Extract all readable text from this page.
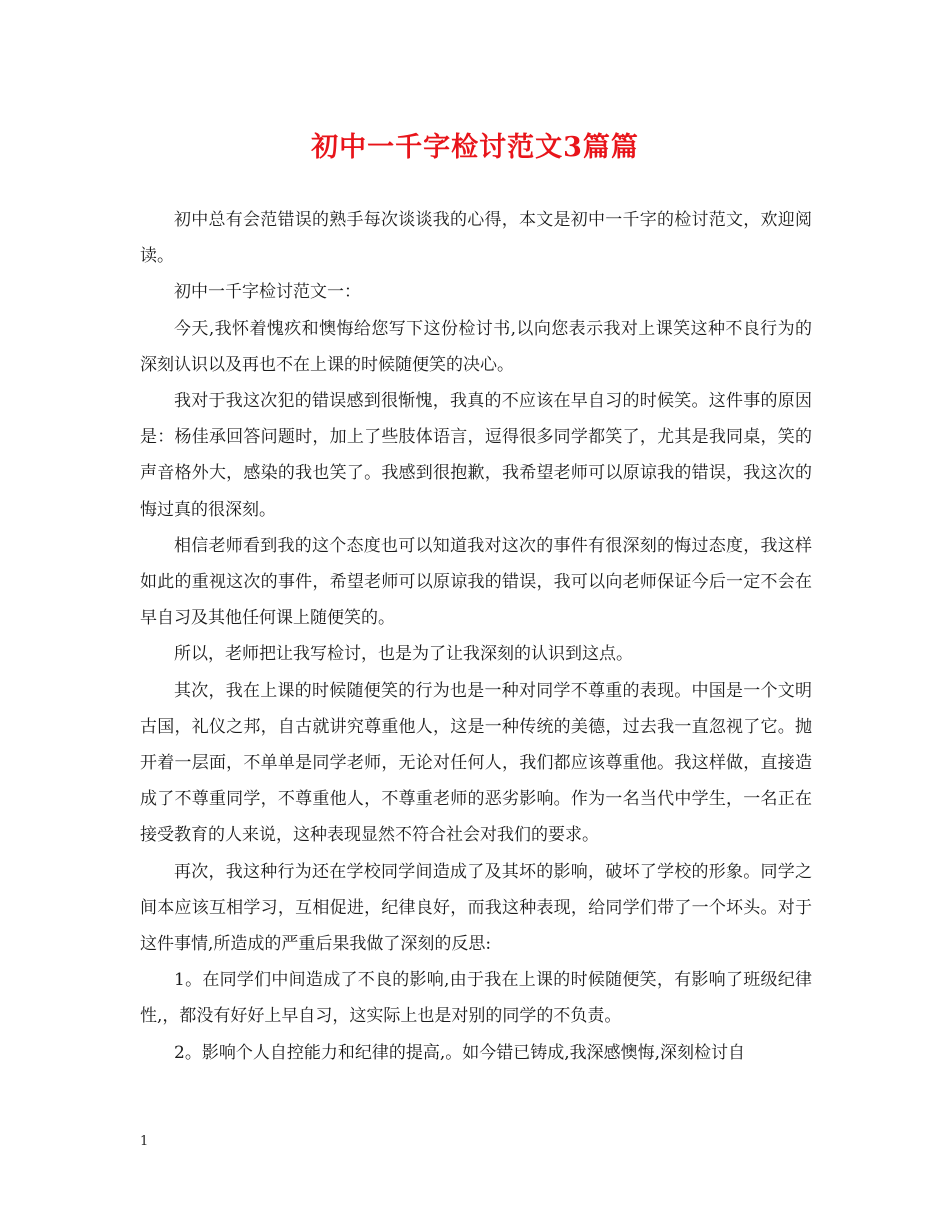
初中一千字检讨范文3篇篇

初中总有会范错误的熟手每次谈谈我的心得，本文是初中一千字的检讨范文，欢迎阅读。

初中一千字检讨范文一：

今天,我怀着愧疚和懊悔给您写下这份检讨书,以向您表示我对上课笑这种不良行为的深刻认识以及再也不在上课的时候随便笑的决心。

我对于我这次犯的错误感到很惭愧，我真的不应该在早自习的时候笑。这件事的原因是：杨佳承回答问题时，加上了些肢体语言，逗得很多同学都笑了，尤其是我同桌，笑的声音格外大，感染的我也笑了。我感到很抱歉，我希望老师可以原谅我的错误，我这次的悔过真的很深刻。

相信老师看到我的这个态度也可以知道我对这次的事件有很深刻的悔过态度，我这样如此的重视这次的事件，希望老师可以原谅我的错误，我可以向老师保证今后一定不会在早自习及其他任何课上随便笑的。

所以，老师把让我写检讨，也是为了让我深刻的认识到这点。

其次，我在上课的时候随便笑的行为也是一种对同学不尊重的表现。中国是一个文明古国，礼仪之邦，自古就讲究尊重他人，这是一种传统的美德，过去我一直忽视了它。抛开着一层面，不单单是同学老师，无论对任何人，我们都应该尊重他。我这样做，直接造成了不尊重同学，不尊重他人，不尊重老师的恶劣影响。作为一名当代中学生，一名正在接受教育的人来说，这种表现显然不符合社会对我们的要求。

再次，我这种行为还在学校同学间造成了及其坏的影响，破坏了学校的形象。同学之间本应该互相学习，互相促进，纪律良好，而我这种表现，给同学们带了一个坏头。对于这件事情,所造成的严重后果我做了深刻的反思:

1。在同学们中间造成了不良的影响,由于我在上课的时候随便笑，有影响了班级纪律性,，都没有好好上早自习，这实际上也是对别的同学的不负责。

2。影响个人自控能力和纪律的提高,。如今错已铸成,我深感懊悔,深刻检讨自

1
